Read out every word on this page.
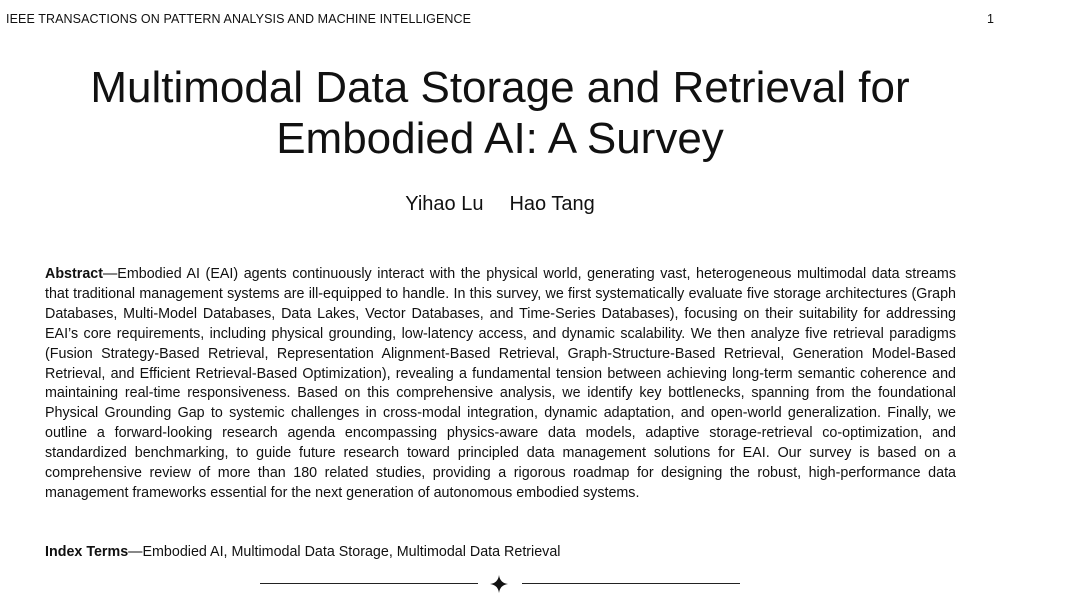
IEEE TRANSACTIONS ON PATTERN ANALYSIS AND MACHINE INTELLIGENCE	1
Multimodal Data Storage and Retrieval for
Embodied AI: A Survey
Yihao Lu Hao Tang

Abstract—Embodied AI (EAI) agents continuously interact with the physical world, generating vast, heterogeneous multimodal data streams that traditional management systems are ill-equipped to handle. In this survey, we first systematically evaluate five storage architectures (Graph Databases, Multi-Model Databases, Data Lakes, Vector Databases, and Time-Series Databases), focusing on their suitability for addressing EAI’s core requirements, including physical grounding, low-latency access, and dynamic scalability. We then analyze five retrieval paradigms (Fusion Strategy-Based Retrieval, Representation Alignment-Based Retrieval, Graph-Structure-Based Retrieval, Generation Model-Based Retrieval, and Efficient Retrieval-Based Optimization), revealing a fundamental tension between achieving long-term semantic coherence and maintaining real-time responsiveness. Based on this comprehensive analysis, we identify key bottlenecks, spanning from the foundational Physical Grounding Gap to systemic challenges in cross-modal integration, dynamic adaptation, and open-world generalization. Finally, we outline a forward-looking research agenda encompassing physics-aware data models, adaptive storage-retrieval co-optimization, and standardized benchmarking, to guide future research toward principled data management solutions for EAI. Our survey is based on a comprehensive review of more than 180 related studies, providing a rigorous roadmap for designing the robust, high-performance data management frameworks essential for the next generation of autonomous embodied systems.

Index Terms—Embodied AI, Multimodal Data Storage, Multimodal Data Retrieval
